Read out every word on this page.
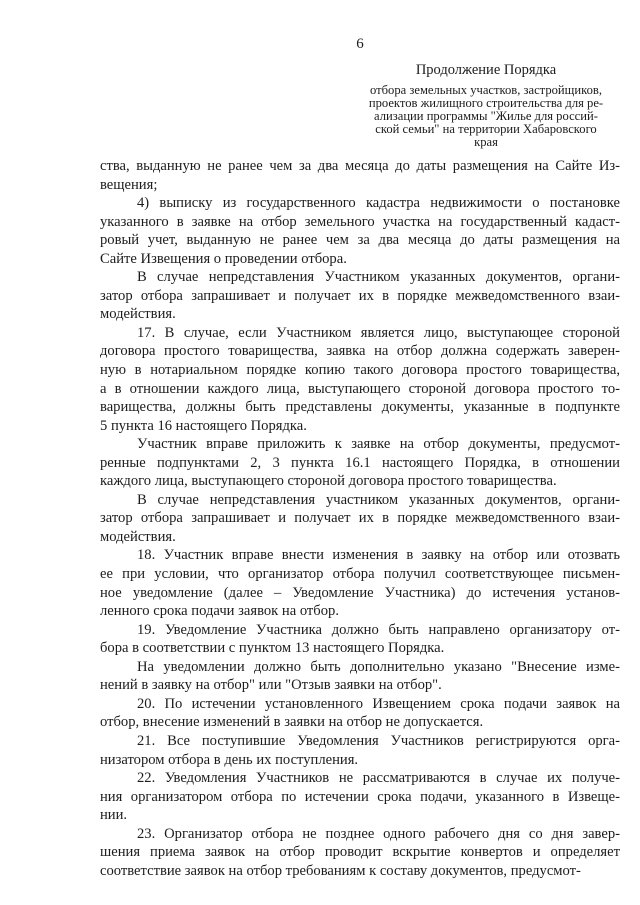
6
Продолжение Порядка
отбора земельных участков, застройщиков,
проектов жилищного строительства для ре-
ализации программы "Жилье для россий-
ской семьи" на территории Хабаровского
края
ства, выданную не ранее чем за два месяца до даты размещения на Сайте Из-
вещения;
4) выписку из государственного кадастра недвижимости о постановке
указанного в заявке на отбор земельного участка на государственный кадаст-
ровый учет, выданную не ранее чем за два месяца до даты размещения на
Сайте Извещения о проведении отбора.
В случае непредставления Участником указанных документов, органи-
затор отбора запрашивает и получает их в порядке межведомственного взаи-
модействия.
17. В случае, если Участником является лицо, выступающее стороной
договора простого товарищества, заявка на отбор должна содержать заверен-
ную в нотариальном порядке копию такого договора простого товарищества,
а в отношении каждого лица, выступающего стороной договора простого то-
варищества, должны быть представлены документы, указанные в подпункте
5 пункта 16 настоящего Порядка.
Участник вправе приложить к заявке на отбор документы, предусмот-
ренные подпунктами 2, 3 пункта 16.1 настоящего Порядка, в отношении
каждого лица, выступающего стороной договора простого товарищества.
В случае непредставления участником указанных документов, органи-
затор отбора запрашивает и получает их в порядке межведомственного взаи-
модействия.
18. Участник вправе внести изменения в заявку на отбор или отозвать
ее при условии, что организатор отбора получил соответствующее письмен-
ное уведомление (далее – Уведомление Участника) до истечения установ-
ленного срока подачи заявок на отбор.
19. Уведомление Участника должно быть направлено организатору от-
бора в соответствии с пунктом 13 настоящего Порядка.
На уведомлении должно быть дополнительно указано "Внесение изме-
нений в заявку на отбор" или "Отзыв заявки на отбор".
20. По истечении установленного Извещением срока подачи заявок на
отбор, внесение изменений в заявки на отбор не допускается.
21. Все поступившие Уведомления Участников регистрируются орга-
низатором отбора в день их поступления.
22. Уведомления Участников не рассматриваются в случае их получе-
ния организатором отбора по истечении срока подачи, указанного в Извеще-
нии.
23. Организатор отбора не позднее одного рабочего дня со дня завер-
шения приема заявок на отбор проводит вскрытие конвертов и определяет
соответствие заявок на отбор требованиям к составу документов, предусмот-
